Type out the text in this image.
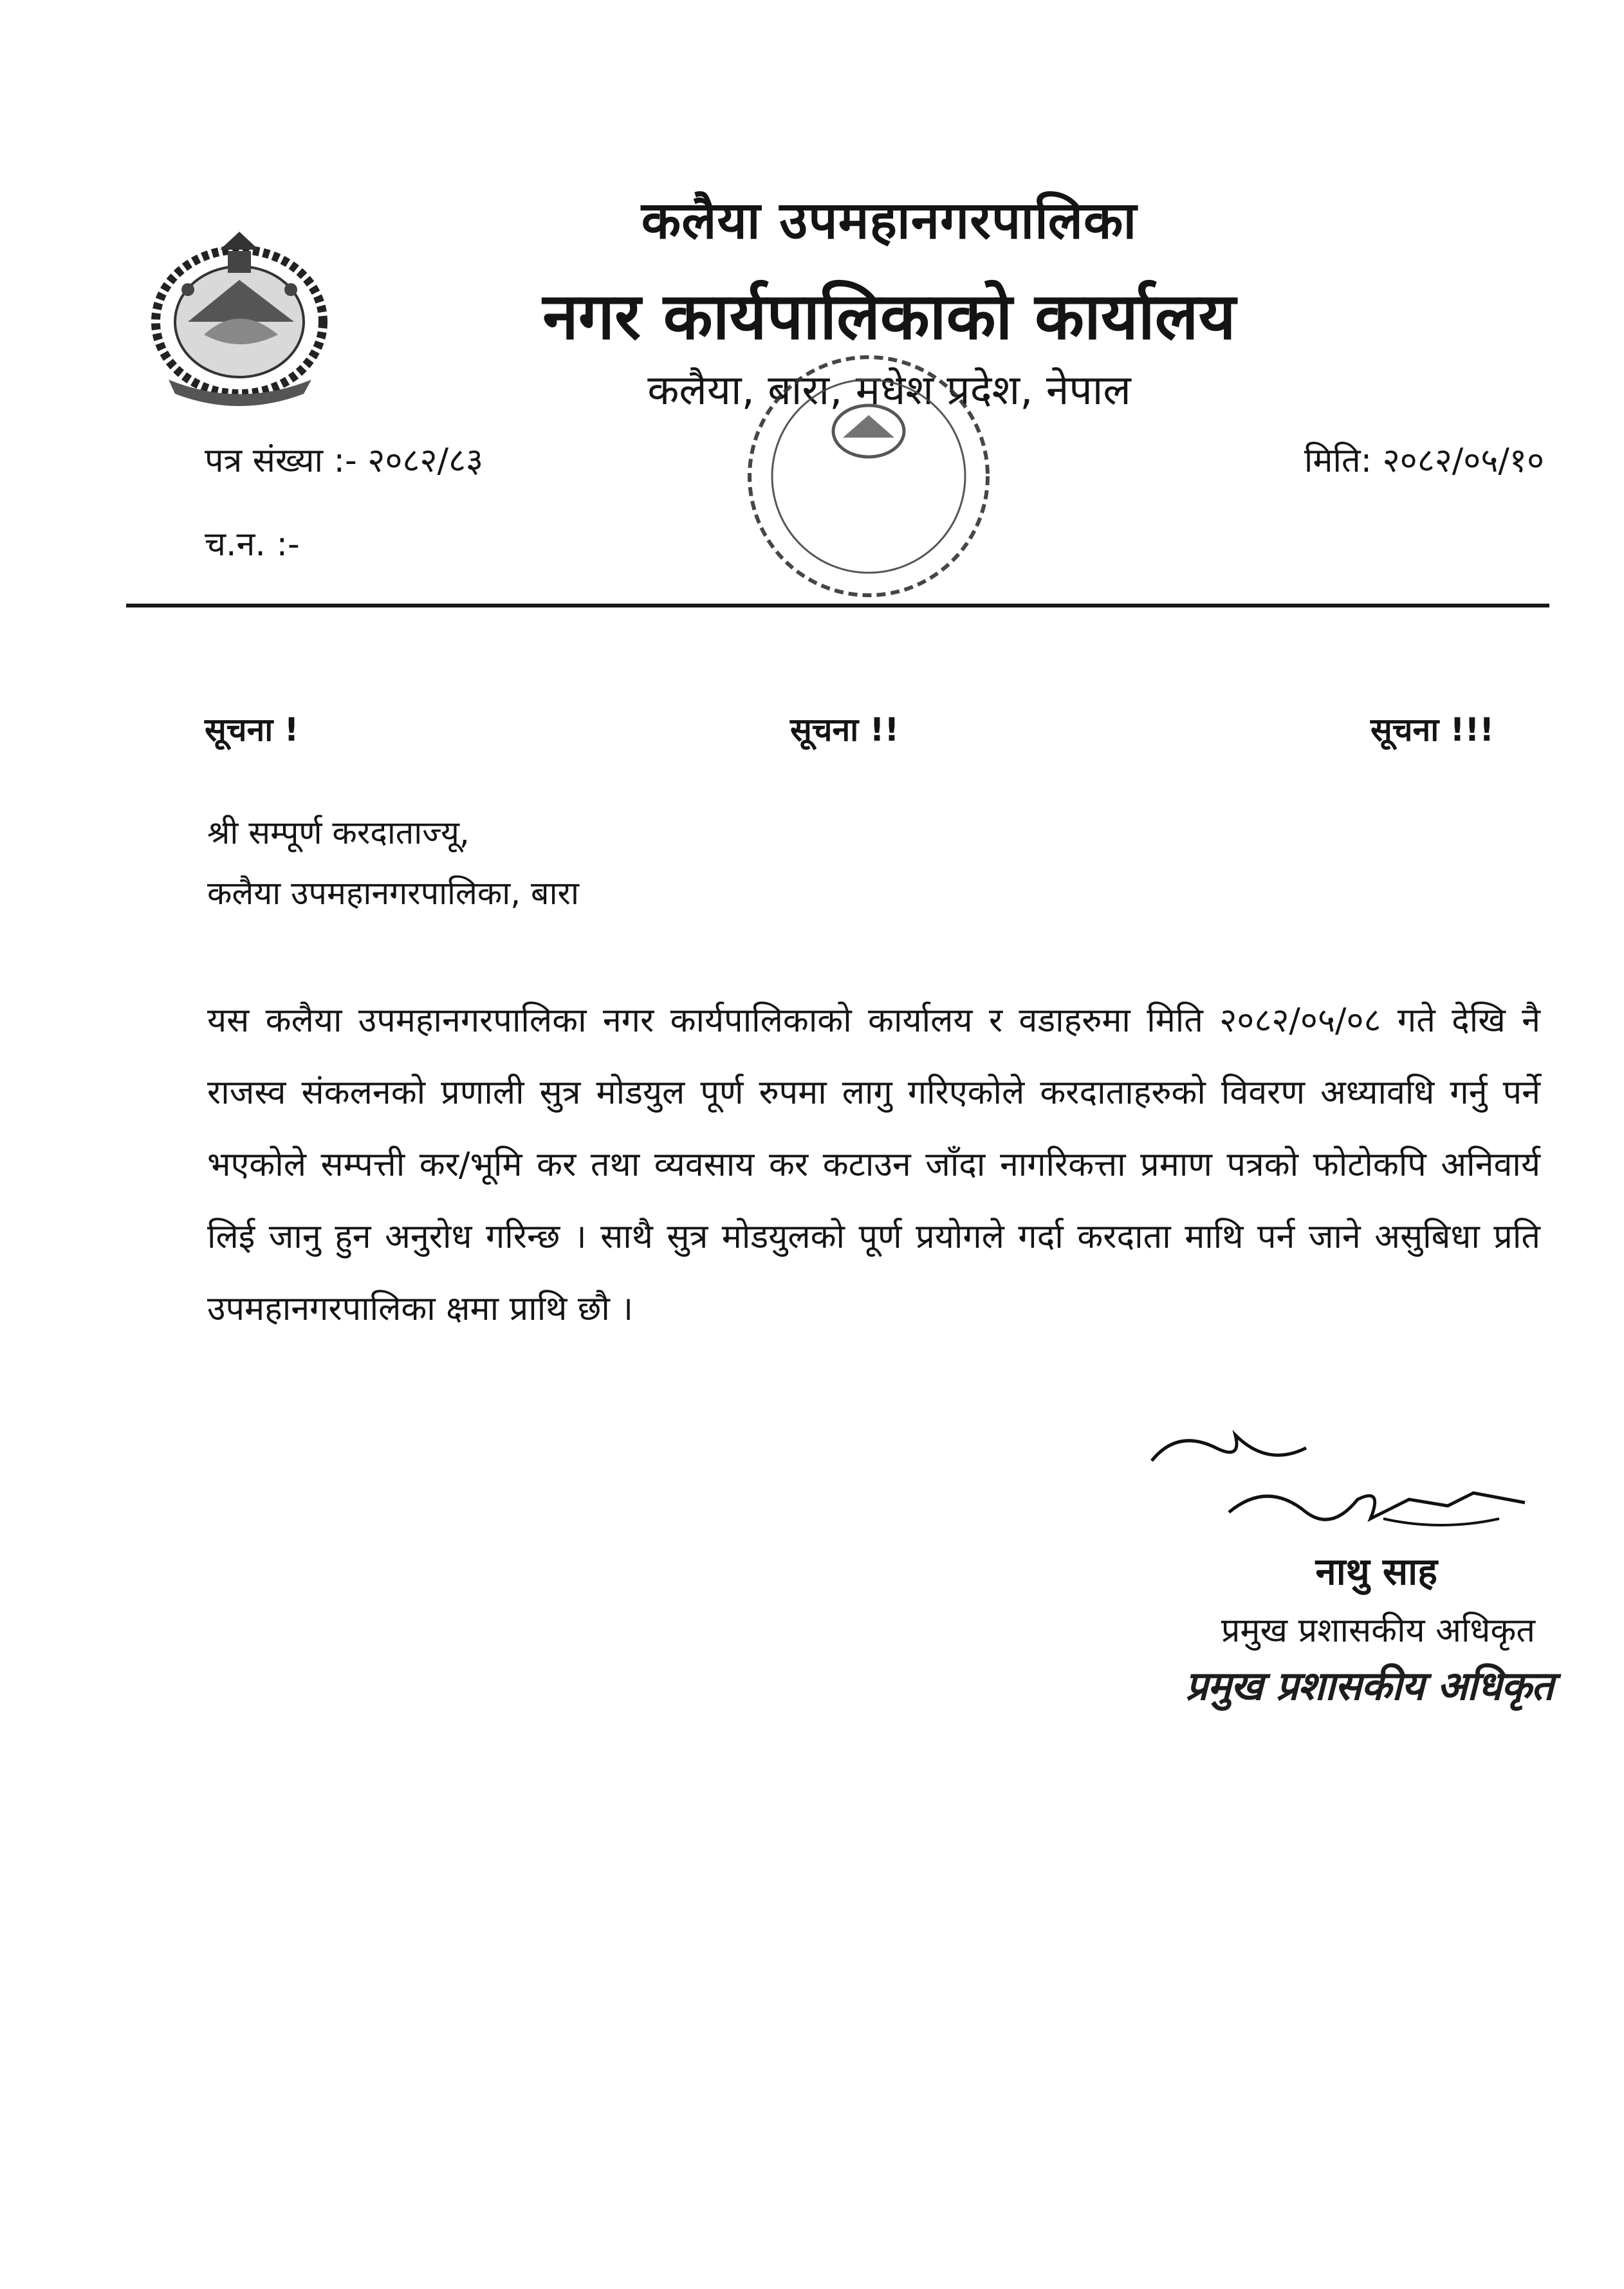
कलैया उपमहानगरपालिका
नगर कार्यपालिकाको कार्यालय
कलैया, बारा, मधेश प्रदेश, नेपाल
पत्र संख्या :- २०८२/८३	मिति: २०८२/०५/१०
च.न. :-
सूचना !	सूचना !!	सूचना !!!
श्री सम्पूर्ण करदाताज्यू,
कलैया उपमहानगरपालिका, बारा
यस कलैया उपमहानगरपालिका नगर कार्यपालिकाको कार्यालय र वडाहरुमा मिति २०८२/०५/०८ गते देखि नै राजस्व संकलनको प्रणाली सुत्र मोडयुल पूर्ण रुपमा लागु गरिएकोले करदाताहरुको विवरण अध्यावधि गर्नु पर्ने भएकोले सम्पत्ती कर/भूमि कर तथा व्यवसाय कर कटाउन जाँदा नागरिकत्ता प्रमाण पत्रको फोटोकपि अनिवार्य लिई जानु हुन अनुरोध गरिन्छ । साथै सुत्र मोडयुलको पूर्ण प्रयोगले गर्दा करदाता माथि पर्न जाने असुबिधा प्रति उपमहानगरपालिका क्षमा प्राथि छौ ।
नाथु साह
प्रमुख प्रशासकीय अधिकृत
प्रमुख प्रशासकीय अधिकृत
